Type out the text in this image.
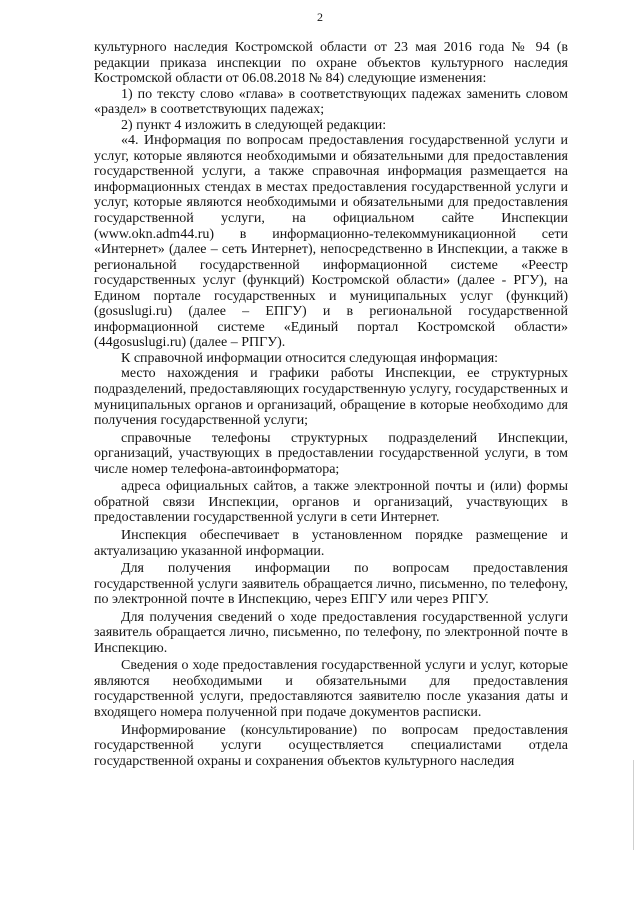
2

культурного наследия Костромской области от 23 мая 2016 года № 94 (в редакции приказа инспекции по охране объектов культурного наследия Костромской области от 06.08.2018 № 84) следующие изменения:

1) по тексту слово «глава» в соответствующих падежах заменить словом «раздел» в соответствующих падежах;

2) пункт 4 изложить в следующей редакции:

«4. Информация по вопросам предоставления государственной услуги и услуг, которые являются необходимыми и обязательными для предоставления государственной услуги, а также справочная информация размещается на информационных стендах в местах предоставления государственной услуги и услуг, которые являются необходимыми и обязательными для предоставления государственной услуги, на официальном сайте Инспекции (www.okn.adm44.ru) в информационно-телекоммуникационной сети «Интернет» (далее – сеть Интернет), непосредственно в Инспекции, а также в региональной государственной информационной системе «Реестр государственных услуг (функций) Костромской области» (далее - РГУ), на Едином портале государственных и муниципальных услуг (функций) (gosuslugi.ru) (далее – ЕПГУ) и в региональной государственной информационной системе «Единый портал Костромской области» (44gosuslugi.ru) (далее – РПГУ).

К справочной информации относится следующая информация:

место нахождения и графики работы Инспекции, ее структурных подразделений, предоставляющих государственную услугу, государственных и муниципальных органов и организаций, обращение в которые необходимо для получения государственной услуги;

справочные телефоны структурных подразделений Инспекции, организаций, участвующих в предоставлении государственной услуги, в том числе номер телефона-автоинформатора;

адреса официальных сайтов, а также электронной почты и (или) формы обратной связи Инспекции, органов и организаций, участвующих в предоставлении государственной услуги в сети Интернет.

Инспекция обеспечивает в установленном порядке размещение и актуализацию указанной информации.

Для получения информации по вопросам предоставления государственной услуги заявитель обращается лично, письменно, по телефону, по электронной почте в Инспекцию, через ЕПГУ или через РПГУ.

Для получения сведений о ходе предоставления государственной услуги заявитель обращается лично, письменно, по телефону, по электронной почте в Инспекцию.

Сведения о ходе предоставления государственной услуги и услуг, которые являются необходимыми и обязательными для предоставления государственной услуги, предоставляются заявителю после указания даты и входящего номера полученной при подаче документов расписки.

Информирование (консультирование) по вопросам предоставления государственной услуги осуществляется специалистами отдела государственной охраны и сохранения объектов культурного наследия
